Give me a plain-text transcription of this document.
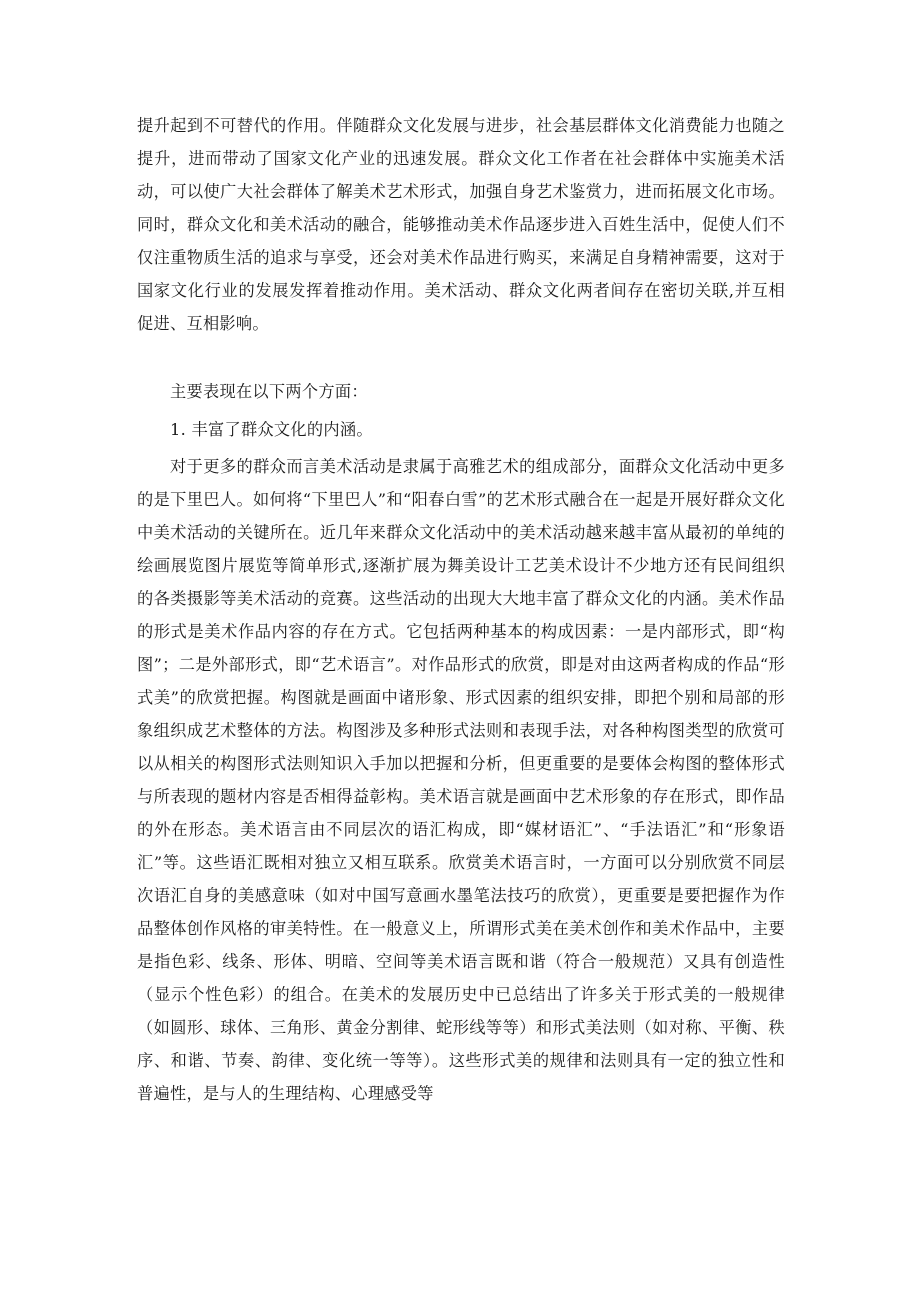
提升起到不可替代的作用。伴随群众文化发展与进步，社会基层群体文化消费能力也随之提升，进而带动了国家文化产业的迅速发展。群众文化工作者在社会群体中实施美术活动，可以使广大社会群体了解美术艺术形式，加强自身艺术鉴赏力，进而拓展文化市场。同时，群众文化和美术活动的融合，能够推动美术作品逐步进入百姓生活中，促使人们不仅注重物质生活的追求与享受，还会对美术作品进行购买，来满足自身精神需要，这对于国家文化行业的发展发挥着推动作用。美术活动、群众文化两者间存在密切关联,并互相促进、互相影响。

主要表现在以下两个方面：

1. 丰富了群众文化的内涵。

对于更多的群众而言美术活动是隶属于高雅艺术的组成部分，面群众文化活动中更多的是下里巴人。如何将“下里巴人”和“阳春白雪”的艺术形式融合在一起是开展好群众文化中美术活动的关键所在。近几年来群众文化活动中的美术活动越来越丰富从最初的单纯的绘画展览图片展览等简单形式,逐渐扩展为舞美设计工艺美术设计不少地方还有民间组织的各类摄影等美术活动的竞赛。这些活动的出现大大地丰富了群众文化的内涵。美术作品的形式是美术作品内容的存在方式。它包括两种基本的构成因素：一是内部形式，即“构图”；二是外部形式，即“艺术语言”。对作品形式的欣赏，即是对由这两者构成的作品“形式美”的欣赏把握。构图就是画面中诸形象、形式因素的组织安排，即把个别和局部的形象组织成艺术整体的方法。构图涉及多种形式法则和表现手法，对各种构图类型的欣赏可以从相关的构图形式法则知识入手加以把握和分析，但更重要的是要体会构图的整体形式与所表现的题材内容是否相得益彰构。美术语言就是画面中艺术形象的存在形式，即作品的外在形态。美术语言由不同层次的语汇构成，即“媒材语汇”、“手法语汇”和“形象语汇”等。这些语汇既相对独立又相互联系。欣赏美术语言时，一方面可以分别欣赏不同层次语汇自身的美感意味（如对中国写意画水墨笔法技巧的欣赏），更重要是要把握作为作品整体创作风格的审美特性。在一般意义上，所谓形式美在美术创作和美术作品中，主要是指色彩、线条、形体、明暗、空间等美术语言既和谐（符合一般规范）又具有创造性（显示个性色彩）的组合。在美术的发展历史中已总结出了许多关于形式美的一般规律（如圆形、球体、三角形、黄金分割律、蛇形线等等）和形式美法则（如对称、平衡、秩序、和谐、节奏、韵律、变化统一等等）。这些形式美的规律和法则具有一定的独立性和普遍性，是与人的生理结构、心理感受等
